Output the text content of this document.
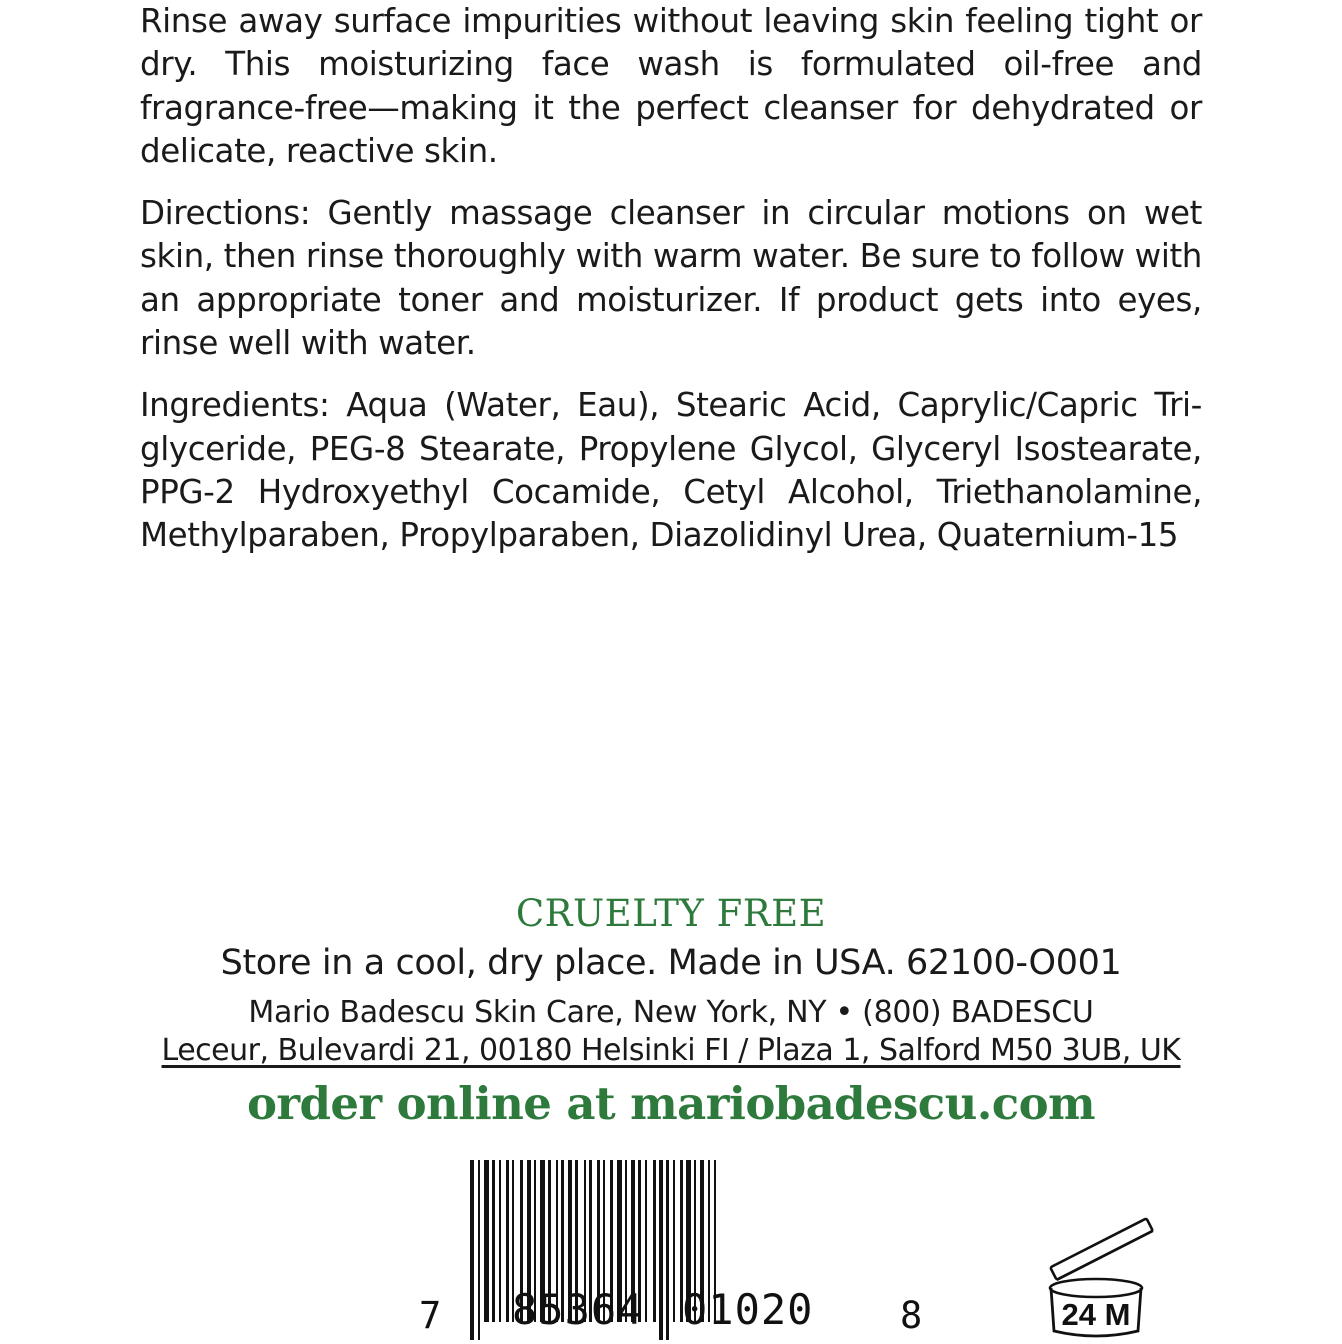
Rinse away surface impurities without leaving skin feeling tight or dry. This moisturizing face wash is formulated oil-free and fragrance-free—making it the perfect cleanser for dehydrated or delicate, reactive skin.

Directions: Gently massage cleanser in circular motions on wet skin, then rinse thoroughly with warm water. Be sure to follow with an appropriate toner and moisturizer. If product gets into eyes, rinse well with water.

Ingredients: Aqua (Water, Eau), Stearic Acid, Caprylic/Capric Tri-glyceride, PEG-8 Stearate, Propylene Glycol, Glyceryl Isostearate, PPG-2 Hydroxyethyl Cocamide, Cetyl Alcohol, Triethanolamine, Methylparaben, Propylparaben, Diazolidinyl Urea, Quaternium-15

CRUELTY FREE
Store in a cool, dry place. Made in USA. 62100-O001
Mario Badescu Skin Care, New York, NY • (800) BADESCU
Leceur, Bulevardi 21, 00180 Helsinki FI / Plaza 1, Salford M50 3UB, UK
order online at mariobadescu.com
7 85364 01020 8	24 M
